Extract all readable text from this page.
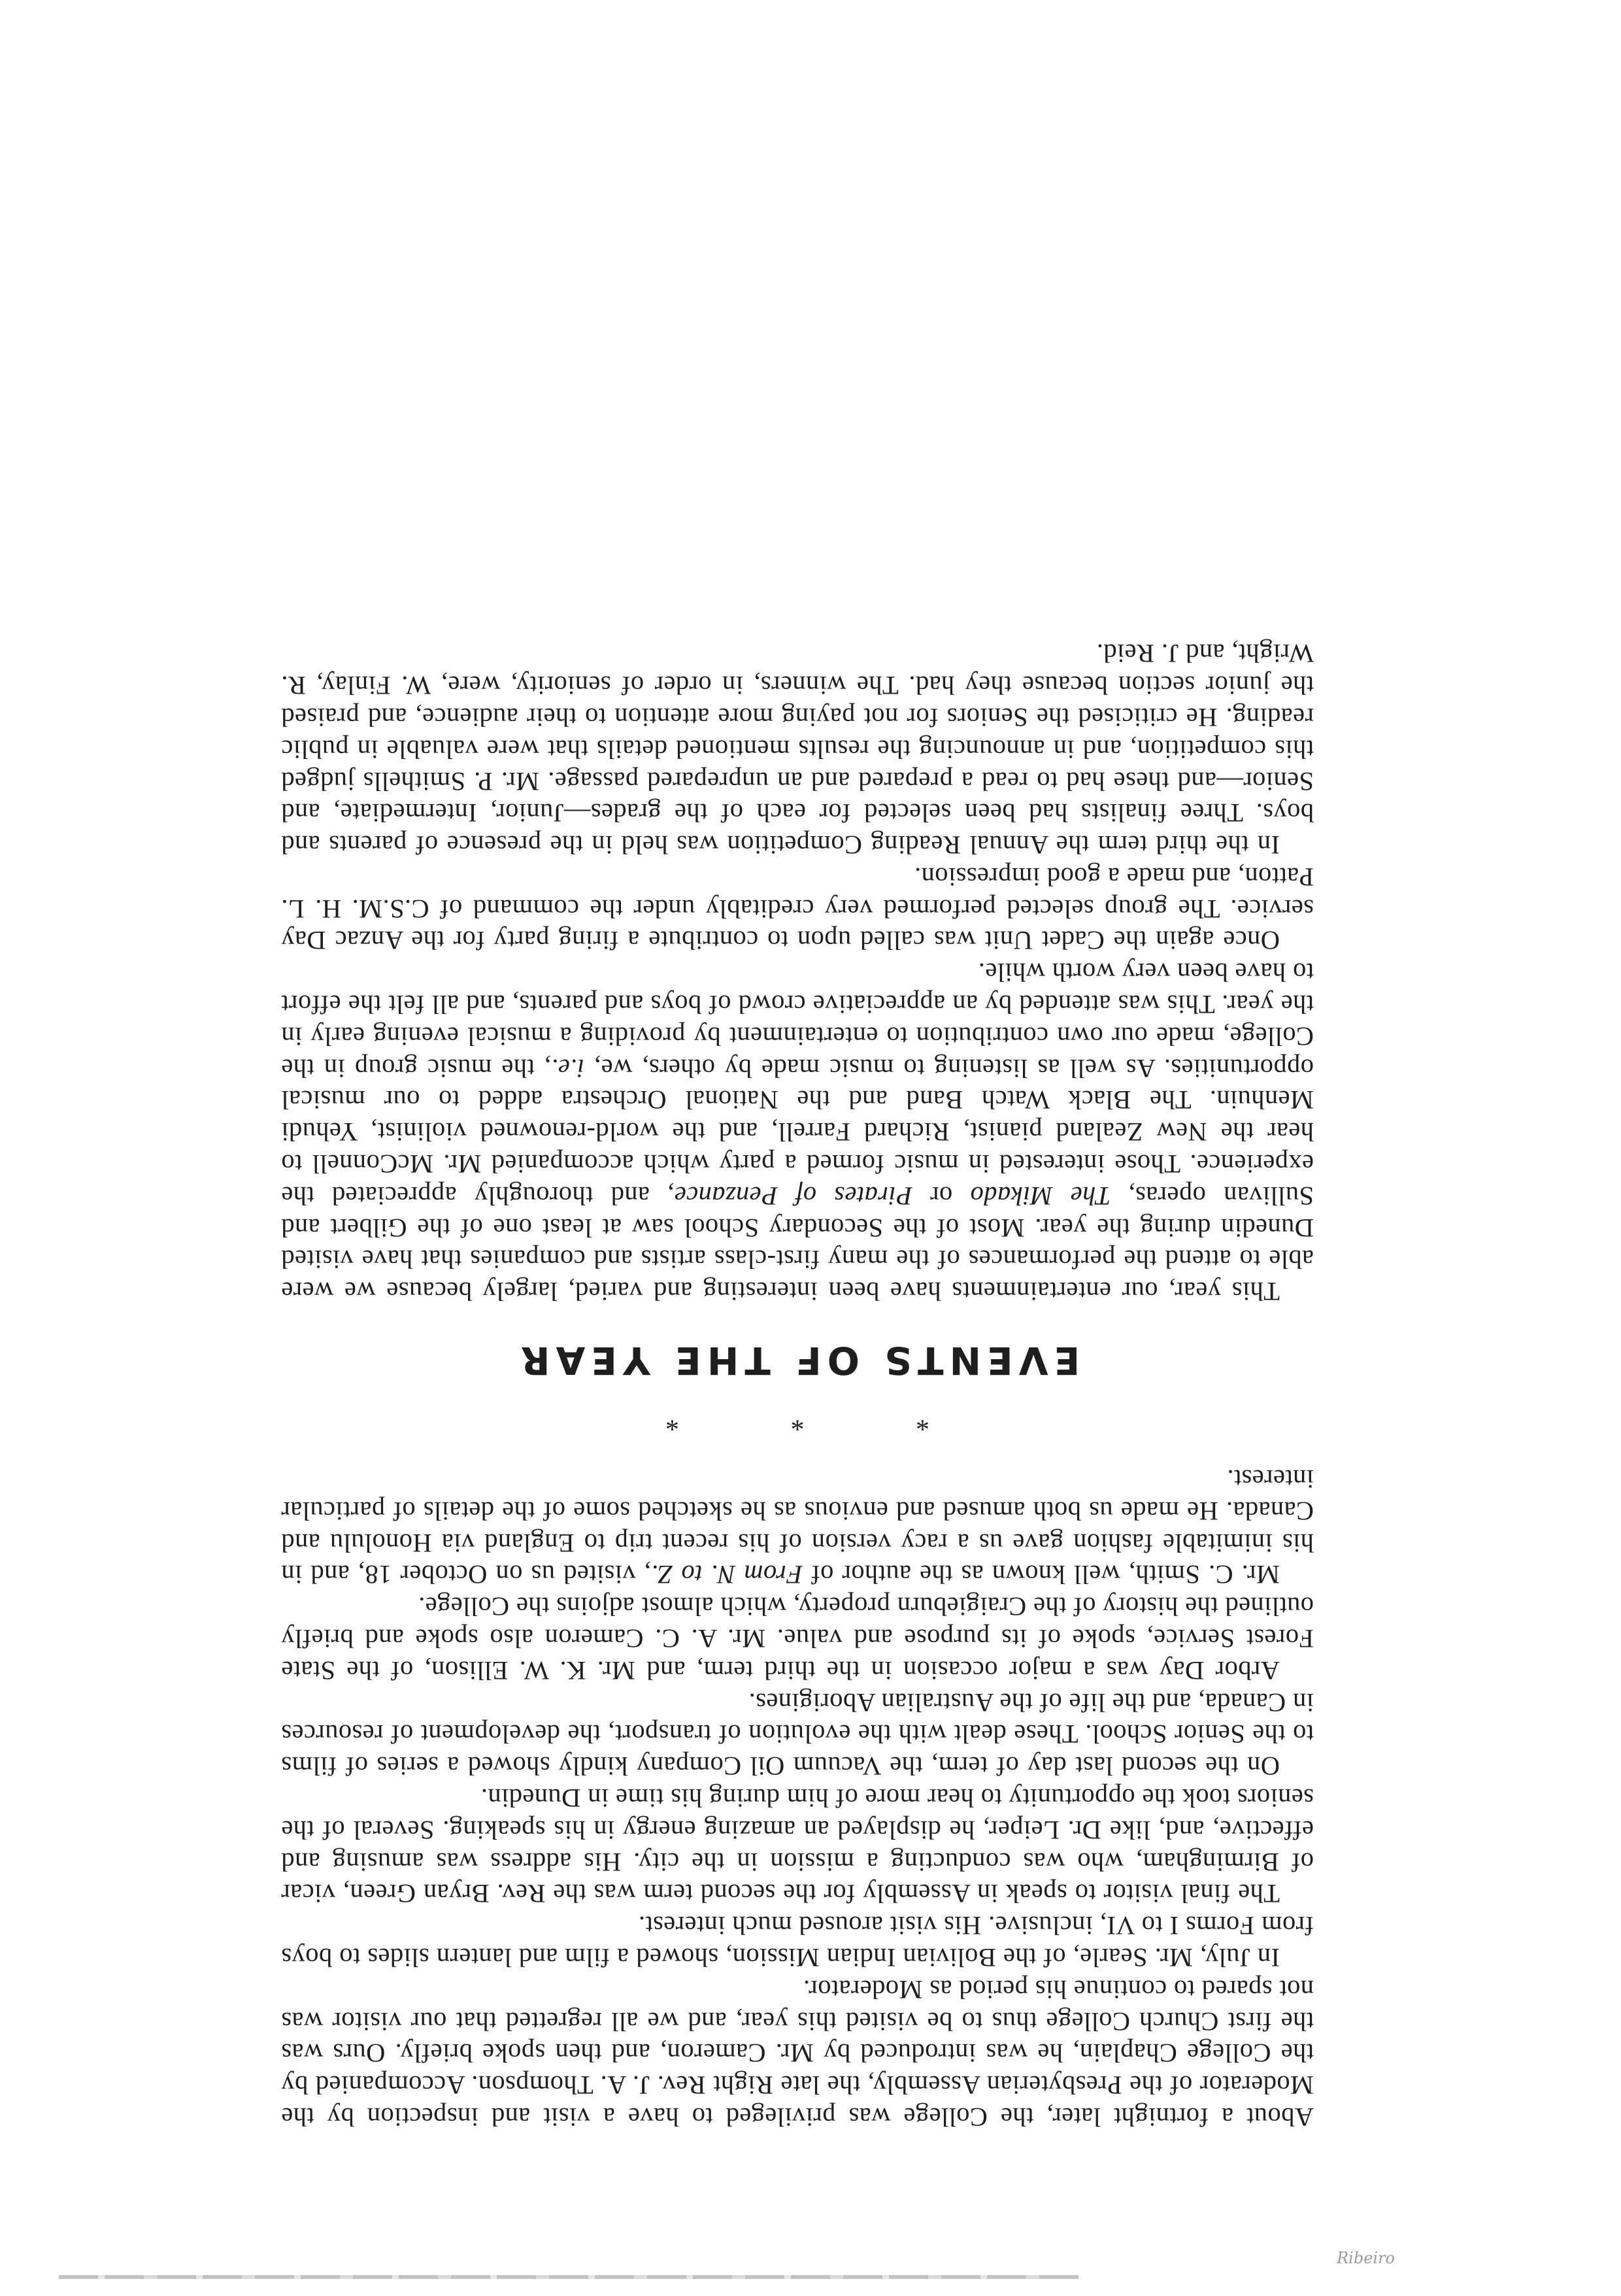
About a fortnight later, the College was privileged to have a visit and inspection by the Moderator of the Presbyterian Assembly, the late Right Rev. J. A. Thompson. Accompanied by the College Chaplain, he was introduced by Mr. Cameron, and then spoke briefly. Ours was the first Church College thus to be visited this year, and we all regretted that our visitor was not spared to continue his period as Moderator.

In July, Mr. Searle, of the Bolivian Indian Mission, showed a film and lantern slides to boys from Forms I to VI, inclusive. His visit aroused much interest.

The final visitor to speak in Assembly for the second term was the Rev. Bryan Green, vicar of Birmingham, who was conducting a mission in the city. His address was amusing and effective, and, like Dr. Leiper, he displayed an amazing energy in his speaking. Several of the seniors took the opportunity to hear more of him during his time in Dunedin.

On the second last day of term, the Vacuum Oil Company kindly showed a series of films to the Senior School. These dealt with the evolution of transport, the development of resources in Canada, and the life of the Australian Aborigines.

Arbor Day was a major occasion in the third term, and Mr. K. W. Ellison, of the State Forest Service, spoke of its purpose and value. Mr. A. C. Cameron also spoke and briefly outlined the history of the Craigieburn property, which almost adjoins the College.

Mr. C. Smith, well known as the author of From N. to Z., visited us on October 18, and in his inimitable fashion gave us a racy version of his recent trip to England via Honolulu and Canada. He made us both amused and envious as he sketched some of the details of particular interest.

* * *
EVENTS OF THE YEAR

This year, our entertainments have been interesting and varied, largely because we were able to attend the performances of the many first-class artists and companies that have visited Dunedin during the year. Most of the Secondary School saw at least one of the Gilbert and Sullivan operas, The Mikado or Pirates of Penzance, and thoroughly appreciated the experience. Those interested in music formed a party which accompanied Mr. McConnell to hear the New Zealand pianist, Richard Farrell, and the world-renowned violinist, Yehudi Menhuin. The Black Watch Band and the National Orchestra added to our musical opportunities. As well as listening to music made by others, we, i.e., the music group in the College, made our own contribution to entertainment by providing a musical evening early in the year. This was attended by an appreciative crowd of boys and parents, and all felt the effort to have been very worth while.

Once again the Cadet Unit was called upon to contribute a firing party for the Anzac Day service. The group selected performed very creditably under the command of C.S.M. H. L. Patton, and made a good impression.

In the third term the Annual Reading Competition was held in the presence of parents and boys. Three finalists had been selected for each of the grades—Junior, Intermediate, and Senior—and these had to read a prepared and an unprepared passage. Mr. P. Smithells judged this competition, and in announcing the results mentioned details that were valuable in public reading. He criticised the Seniors for not paying more attention to their audience, and praised the junior section because they had. The winners, in order of seniority, were, W. Finlay, R. Wright, and J. Reid.

Ribeiro
